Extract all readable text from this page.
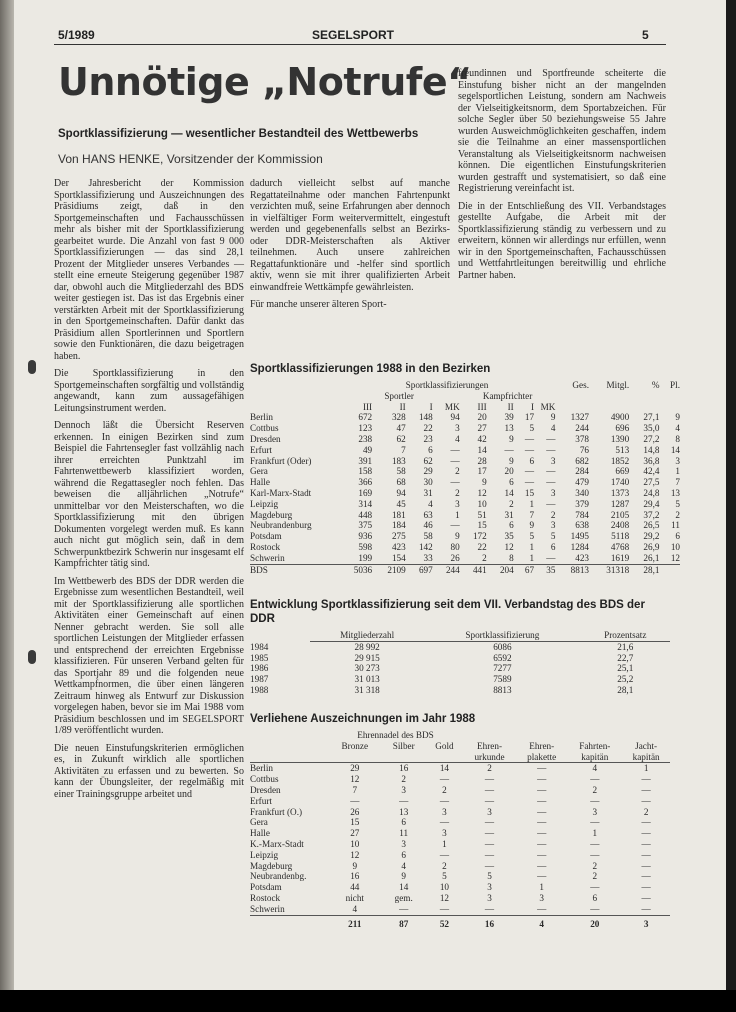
5/1989	SEGELSPORT	5
Unnötige „Notrufe“
Sportklassifizierung — wesentlicher Bestandteil des Wettbewerbs
Von HANS HENKE, Vorsitzender der Kommission

Der Jahresbericht der Kommission Sportklassifizierung und Auszeichnungen des Präsidiums zeigt, daß in den Sportgemeinschaften und Fachausschüssen mehr als bisher mit der Sportklassifizierung gearbeitet wurde. Die Anzahl von fast 9 000 Sportklassifizierungen — das sind 28,1 Prozent der Mitglieder unseres Verbandes — stellt eine erneute Steigerung gegenüber 1987 dar, obwohl auch die Mitgliederzahl des BDS weiter gestiegen ist. Das ist das Ergebnis einer verstärkten Arbeit mit der Sportklassifizierung in den Sportgemeinschaften. Dafür dankt das Präsidium allen Sportlerinnen und Sportlern sowie den Funktionären, die dazu beigetragen haben.

Die Sportklassifizierung in den Sportgemeinschaften sorgfältig und vollständig angewandt, kann zum aussagefähigen Leitungsinstrument werden.

Dennoch läßt die Übersicht Reserven erkennen. In einigen Bezirken sind zum Beispiel die Fahrtensegler fast vollzählig nach ihrer erreichten Punktzahl im Fahrtenwettbewerb klassifiziert worden, während die Regattasegler noch fehlen. Das beweisen die alljährlichen „Notrufe“ unmittelbar vor den Meisterschaften, wo die Sportklassifizierung mit den übrigen Dokumenten vorgelegt werden muß. Es kann auch nicht gut möglich sein, daß in dem Schwerpunktbezirk Schwerin nur insgesamt elf Kampfrichter tätig sind.

Im Wettbewerb des BDS der DDR werden die Ergebnisse zum wesentlichen Bestandteil, weil mit der Sportklassifizierung alle sportlichen Aktivitäten einer Gemeinschaft auf einen Nenner gebracht werden. Sie soll alle sportlichen Leistungen der Mitglieder erfassen und entsprechend der erreichten Ergebnisse klassifizieren. Für unseren Verband gelten für das Sportjahr 89 und die folgenden neue Wettkampfnormen, die über einen längeren Zeitraum hinweg als Entwurf zur Diskussion vorgelegen haben, bevor sie im Mai 1988 vom Präsidium beschlossen und im SEGELSPORT 1/89 veröffentlicht wurden.

Die neuen Einstufungskriterien ermöglichen es, in Zukunft wirklich alle sportlichen Aktivitäten zu erfassen und zu bewerten. So kann der Übungsleiter, der regelmäßig mit einer Trainingsgruppe arbeitet und

dadurch vielleicht selbst auf manche Regattateilnahme oder manchen Fahrtenpunkt verzichten muß, seine Erfahrungen aber dennoch in vielfältiger Form weitervermittelt, eingestuft werden und gegebenenfalls selbst an Bezirks- oder DDR-Meisterschaften als Aktiver teilnehmen. Auch unsere zahlreichen Regattafunktionäre und -helfer sind sportlich aktiv, wenn sie mit ihrer qualifizierten Arbeit einwandfreie Wettkämpfe gewährleisten.

Für manche unserer älteren Sport-

freundinnen und Sportfreunde scheiterte die Einstufung bisher nicht an der mangelnden segelsportlichen Leistung, sondern am Nachweis der Vielseitigkeitsnorm, dem Sportabzeichen. Für solche Segler über 50 beziehungsweise 55 Jahre wurden Ausweichmöglichkeiten geschaffen, indem sie die Teilnahme an einer massensportlichen Veranstaltung als Vielseitigkeitsnorm nachweisen können. Die eigentlichen Einstufungskriterien wurden gestrafft und systematisiert, so daß eine Registrierung vereinfacht ist.

Die in der Entschließung des VII. Verbandstages gestellte Aufgabe, die Arbeit mit der Sportklassifizierung ständig zu verbessern und zu erweitern, können wir allerdings nur erfüllen, wenn wir in den Sportgemeinschaften, Fachausschüssen und Wettfahrtleitungen bereitwillig und ehrliche Partner haben.

Sportklassifizierungen 1988 in den Bezirken
	Sportklassifizierungen								Ges.	Mitgl.	%	Pl.
	Sportler				Kampfrichter							
	III	II	I	MK	III	II	I	MK				
Berlin	672	328	148	94	20	39	17	9	1327	4900	27,1	9
Cottbus	123	47	22	3	27	13	5	4	244	696	35,0	4
Dresden	238	62	23	4	42	9	—	—	378	1390	27,2	8
Erfurt	49	7	6	—	14	—	—	—	76	513	14,8	14
Frankfurt (Oder)	391	183	62	—	28	9	6	3	682	1852	36,8	3
Gera	158	58	29	2	17	20	—	—	284	669	42,4	1
Halle	366	68	30	—	9	6	—	—	479	1740	27,5	7
Karl-Marx-Stadt	169	94	31	2	12	14	15	3	340	1373	24,8	13
Leipzig	314	45	4	3	10	2	1	—	379	1287	29,4	5
Magdeburg	448	181	63	1	51	31	7	2	784	2105	37,2	2
Neubrandenburg	375	184	46	—	15	6	9	3	638	2408	26,5	11
Potsdam	936	275	58	9	172	35	5	5	1495	5118	29,2	6
Rostock	598	423	142	80	22	12	1	6	1284	4768	26,9	10
Schwerin	199	154	33	26	2	8	1	—	423	1619	26,1	12
BDS	5036	2109	697	244	441	204	67	35	8813	31318	28,1	
Entwicklung Sportklassifizierung seit dem VII. Verbandstag des BDS der DDR
	Mitgliederzahl	Sportklassifizierung	Prozentsatz
1984	28 992	6086	21,6
1985	29 915	6592	22,7
1986	30 273	7277	25,1
1987	31 013	7589	25,2
1988	31 318	8813	28,1
Verliehene Auszeichnungen im Jahr 1988
	Ehrennadel des BDS						
	Bronze	Silber	Gold	Ehren-	Ehren-	Fahrten-	Jacht-
				urkunde	plakette	kapitän	kapitän
Berlin	29	16	14	2	—	4	1
Cottbus	12	2	—	—	—	—	—
Dresden	7	3	2	—	—	2	—
Erfurt	—	—	—	—	—	—	—
Frankfurt (O.)	26	13	3	3	—	3	2
Gera	15	6	—	—	—	—	—
Halle	27	11	3	—	—	1	—
K.-Marx-Stadt	10	3	1	—	—	—	—
Leipzig	12	6	—	—	—	—	—
Magdeburg	9	4	2	—	—	2	—
Neubrandenbg.	16	9	5	5	—	2	—
Potsdam	44	14	10	3	1	—	—
Rostock	nicht	gem.	12	3	3	6	—
Schwerin	4	—	—	—	—	—	—
	211	87	52	16	4	20	3
